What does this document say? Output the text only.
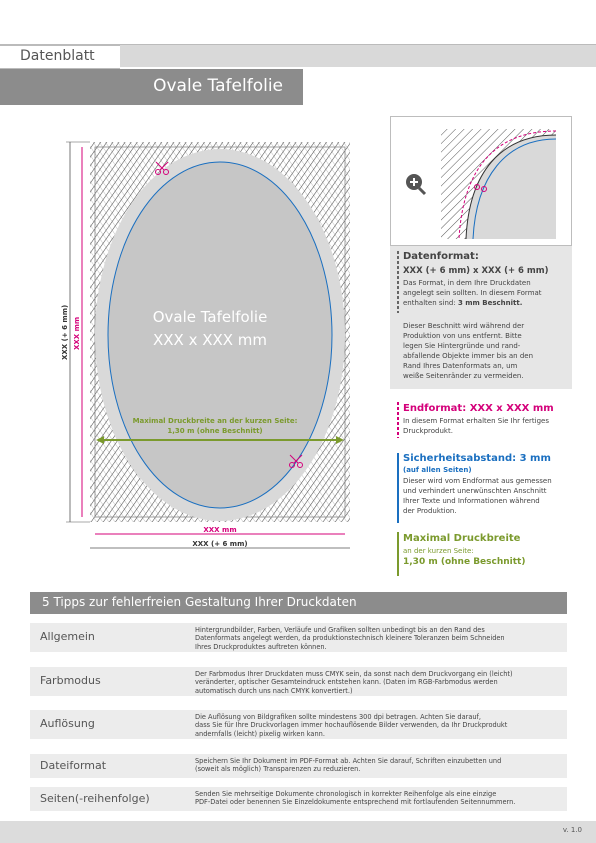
Datenblatt
Ovale Tafelfolie
Ovale Tafelfolie
XXX x XXX mm
Maximal Druckbreite an der kurzen Seite:
1,30 m (ohne Beschnitt)
XXX (+ 6 mm) XXX mm
XXX mm
XXX (+ 6 mm)
Datenformat:
XXX (+ 6 mm) x XXX (+ 6 mm)
Das Format, in dem Ihre Druckdaten
angelegt sein sollten. In diesem Format
enthalten sind: 3 mm Beschnitt.
Dieser Beschnitt wird während der
Produktion von uns entfernt. Bitte
legen Sie Hintergründe und rand-
abfallende Objekte immer bis an den
Rand Ihres Datenformats an, um
weiße Seitenränder zu vermeiden.
Endformat: XXX x XXX mm
In diesem Format erhalten Sie Ihr fertiges
Druckprodukt.
Sicherheitsabstand: 3 mm
(auf allen Seiten)
Dieser wird vom Endformat aus gemessen
und verhindert unerwünschten Anschnitt
Ihrer Texte und Informationen während
der Produktion.
Maximal Druckbreite
an der kurzen Seite:
1,30 m (ohne Beschnitt)
5 Tipps zur fehlerfreien Gestaltung Ihrer Druckdaten
Allgemein	Hintergrundbilder, Farben, Verläufe und Grafiken sollten unbedingt bis an den Rand des
Datenformats angelegt werden, da produktionstechnisch kleinere Toleranzen beim Schneiden
Ihres Druckproduktes auftreten können.
Farbmodus	Der Farbmodus Ihrer Druckdaten muss CMYK sein, da sonst nach dem Druckvorgang ein (leicht)
veränderter, optischer Gesamteindruck entstehen kann. (Daten im RGB-Farbmodus werden
automatisch durch uns nach CMYK konvertiert.)
Auflösung	Die Auflösung von Bildgrafiken sollte mindestens 300 dpi betragen. Achten Sie darauf,
dass Sie für Ihre Druckvorlagen immer hochauflösende Bilder verwenden, da Ihr Druckprodukt
andernfalls (leicht) pixelig wirken kann.
Dateiformat	Speichern Sie Ihr Dokument im PDF-Format ab. Achten Sie darauf, Schriften einzubetten und
(soweit als möglich) Transparenzen zu reduzieren.
Seiten(-reihenfolge)	Senden Sie mehrseitige Dokumente chronologisch in korrekter Reihenfolge als eine einzige
PDF-Datei oder benennen Sie Einzeldokumente entsprechend mit fortlaufenden Seitennummern.
v. 1.0
